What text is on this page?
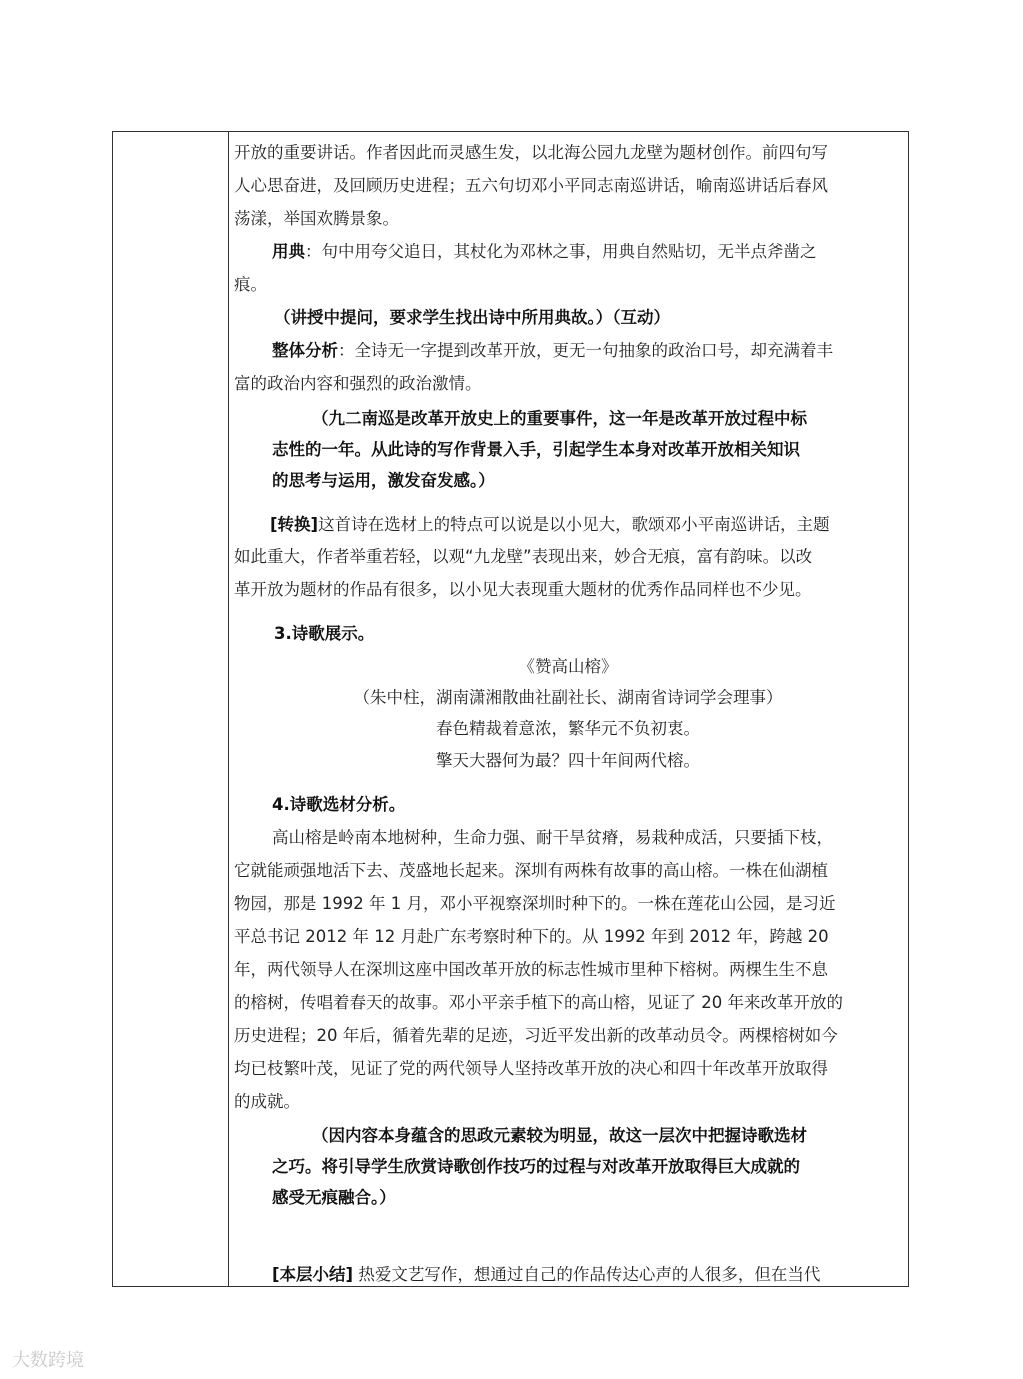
开放的重要讲话。作者因此而灵感生发，以北海公园九龙壁为题材创作。前四句写
人心思奋进，及回顾历史进程；五六句切邓小平同志南巡讲话，喻南巡讲话后春风
荡漾，举国欢腾景象。
用典：句中用夸父追日，其杖化为邓林之事，用典自然贴切，无半点斧凿之
痕。
（讲授中提问，要求学生找出诗中所用典故。）（互动）
整体分析：全诗无一字提到改革开放，更无一句抽象的政治口号，却充满着丰
富的政治内容和强烈的政治激情。
（九二南巡是改革开放史上的重要事件，这一年是改革开放过程中标
志性的一年。从此诗的写作背景入手，引起学生本身对改革开放相关知识
的思考与运用，激发奋发感。）
[转换]这首诗在选材上的特点可以说是以小见大，歌颂邓小平南巡讲话，主题
如此重大，作者举重若轻，以观“九龙壁”表现出来，妙合无痕，富有韵味。以改
革开放为题材的作品有很多，以小见大表现重大题材的优秀作品同样也不少见。
3.诗歌展示。
《赞高山榕》
（朱中柱，湖南潇湘散曲社副社长、湖南省诗词学会理事）
春色精裁着意浓，繁华元不负初衷。
擎天大器何为最？四十年间两代榕。
4.诗歌选材分析。
高山榕是岭南本地树种，生命力强、耐干旱贫瘠，易栽种成活，只要插下枝，
它就能顽强地活下去、茂盛地长起来。深圳有两株有故事的高山榕。一株在仙湖植
物园，那是 1992 年 1 月，邓小平视察深圳时种下的。一株在莲花山公园，是习近
平总书记 2012 年 12 月赴广东考察时种下的。从 1992 年到 2012 年，跨越 20
年，两代领导人在深圳这座中国改革开放的标志性城市里种下榕树。两棵生生不息
的榕树，传唱着春天的故事。邓小平亲手植下的高山榕，见证了 20 年来改革开放的
历史进程；20 年后，循着先辈的足迹，习近平发出新的改革动员令。两棵榕树如今
均已枝繁叶茂，见证了党的两代领导人坚持改革开放的决心和四十年改革开放取得
的成就。
（因内容本身蕴含的思政元素较为明显，故这一层次中把握诗歌选材
之巧。将引导学生欣赏诗歌创作技巧的过程与对改革开放取得巨大成就的
感受无痕融合。）
[本层小结] 热爱文艺写作，想通过自己的作品传达心声的人很多，但在当代
大数跨境
